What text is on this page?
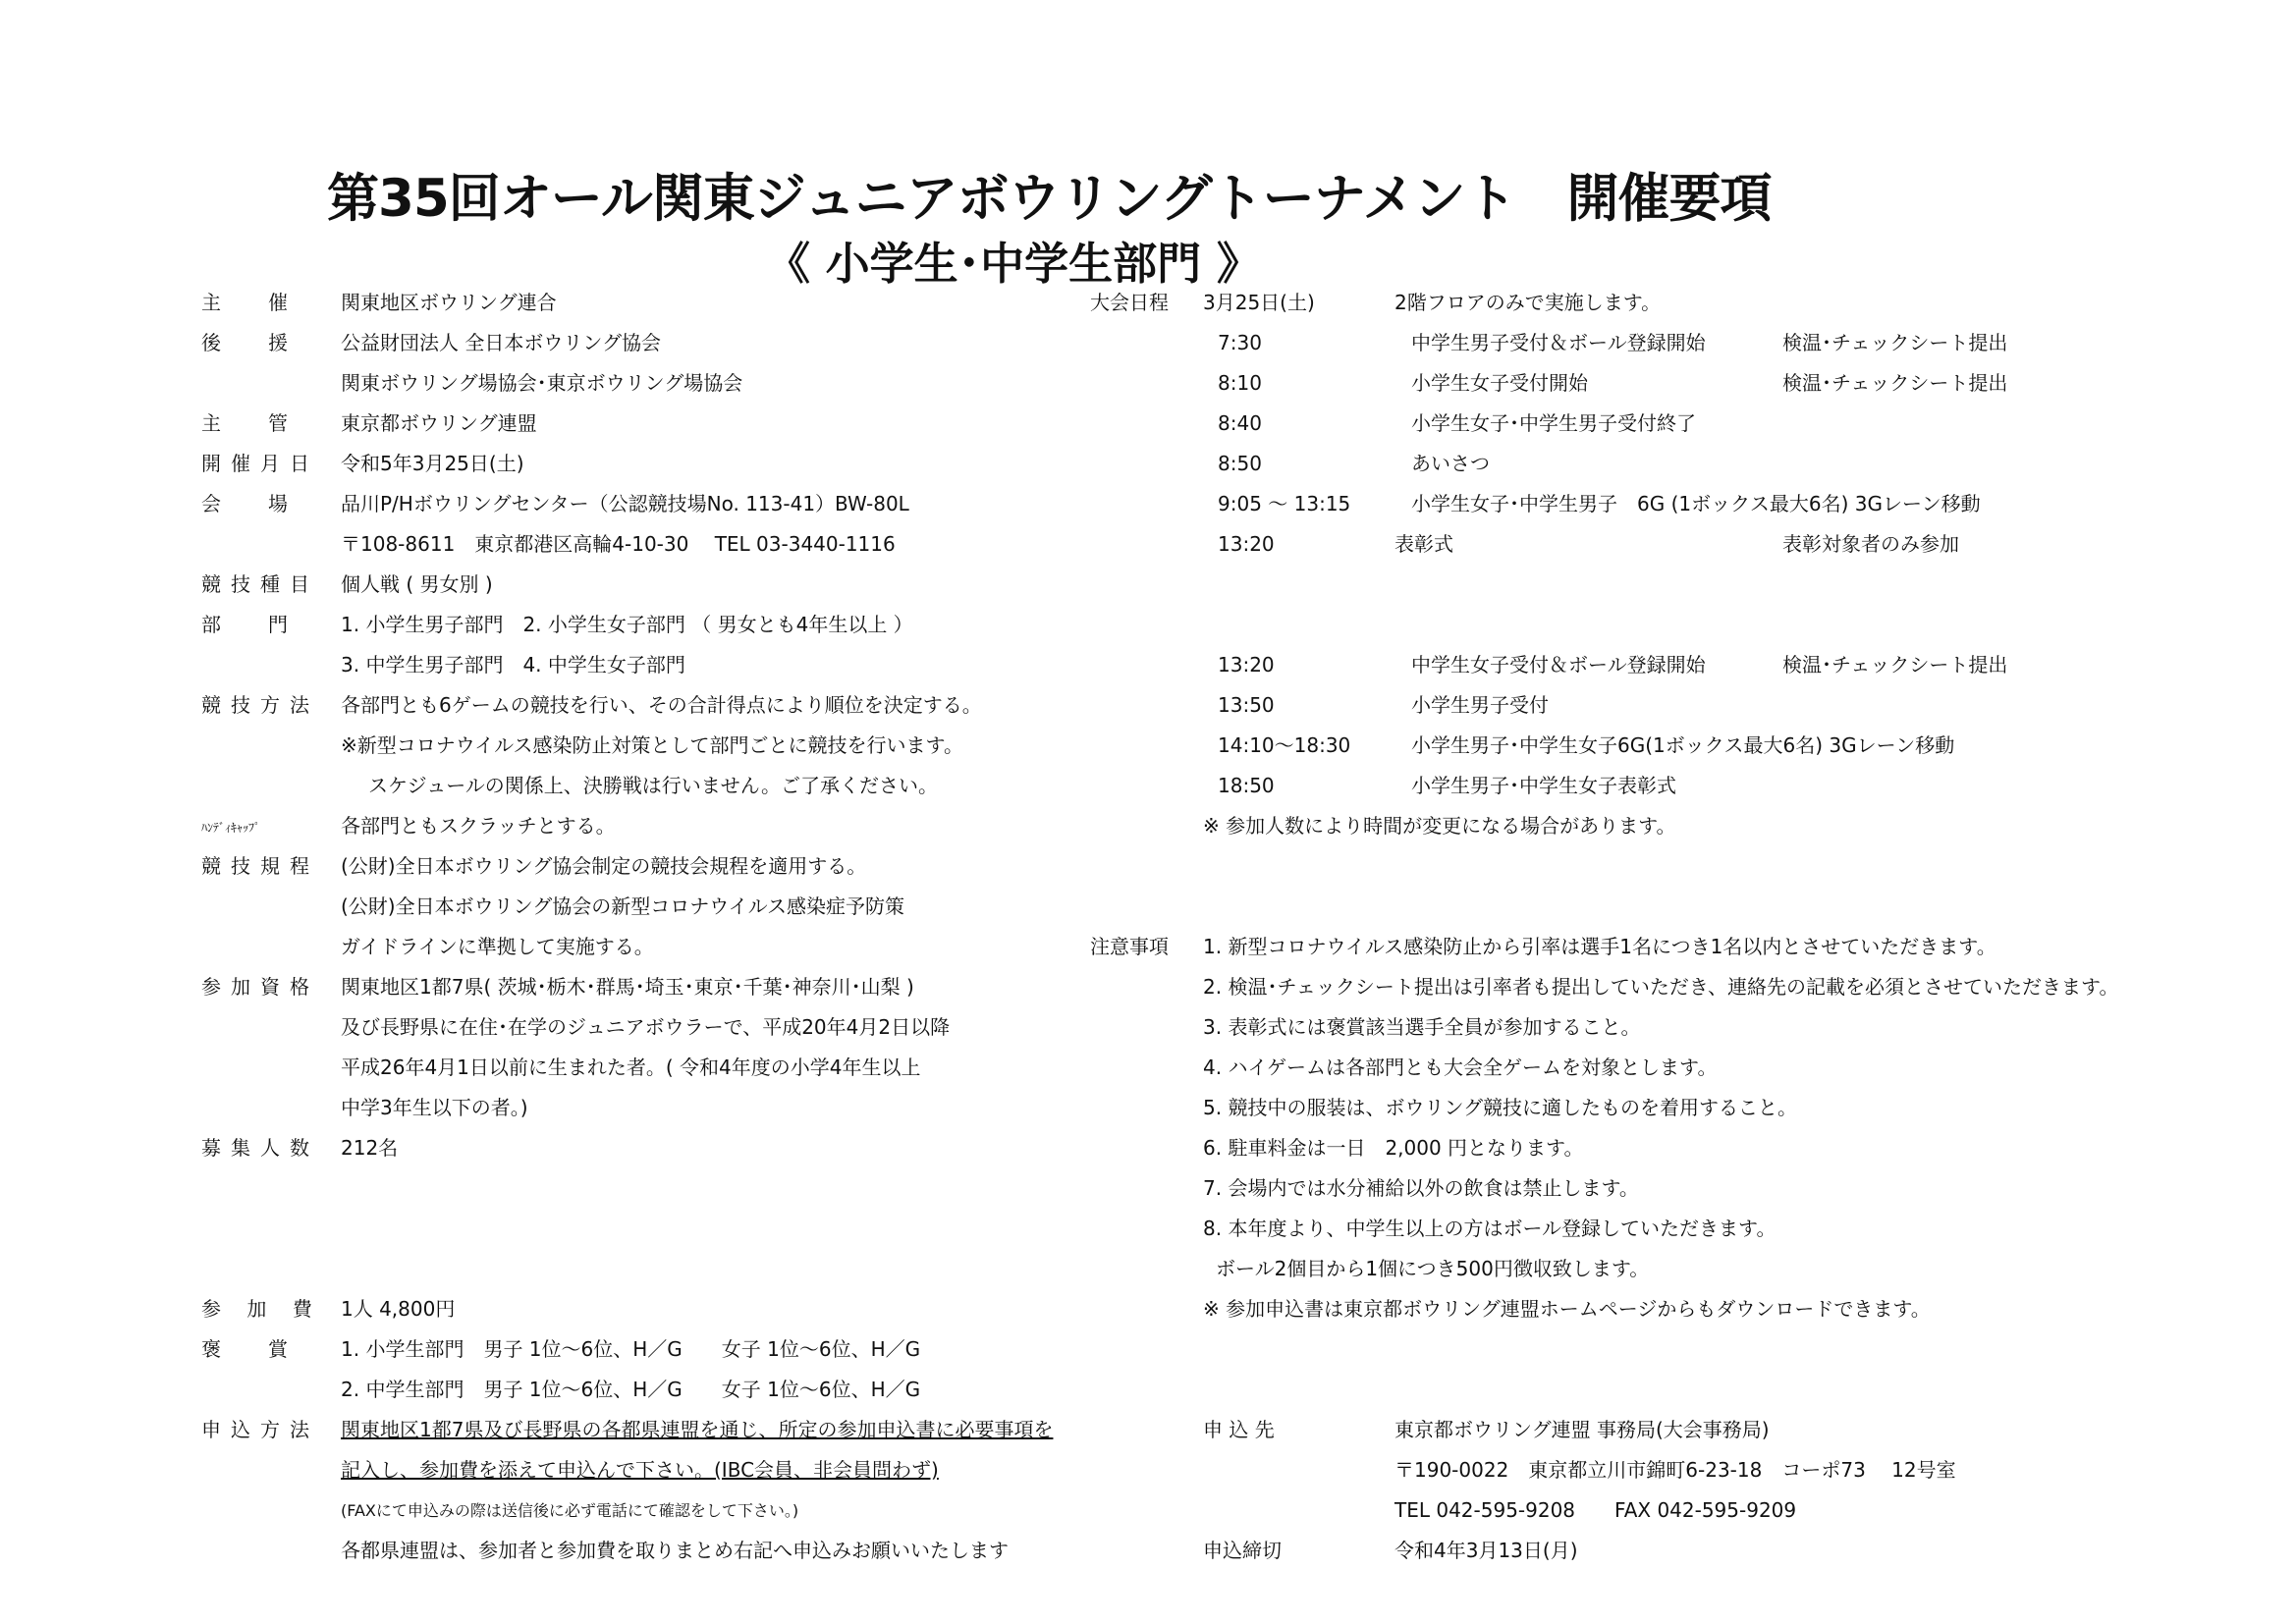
第35回オール関東ジュニアボウリングトーナメント　開催要項
《 小学生･中学生部門 》
主　催 関東地区ボウリング連合
後　援 公益財団法人 全日本ボウリング協会
関東ボウリング場協会･東京ボウリング場協会
主　管 東京都ボウリング連盟
開催月日 令和5年3月25日(土)
会　場 品川P/Hボウリングセンター（公認競技場No. 113-41）BW-80L
〒108-8611　東京都港区高輪4-10-30　 TEL 03-3440-1116
競技種目 個人戦 ( 男女別 )
部　門 1. 小学生男子部門　2. 小学生女子部門 （ 男女とも4年生以上 ）
3. 中学生男子部門　4. 中学生女子部門
競技方法 各部門とも6ゲームの競技を行い、その合計得点により順位を決定する。
※新型コロナウイルス感染防止対策として部門ごとに競技を行います。
スケジュールの関係上、決勝戦は行いません。ご了承ください。
ﾊﾝﾃﾞｨｷｬｯﾌﾟ	各部門ともスクラッチとする。
競技規程 (公財)全日本ボウリング協会制定の競技会規程を適用する。
(公財)全日本ボウリング協会の新型コロナウイルス感染症予防策
ガイドラインに準拠して実施する。
参加資格 関東地区1都7県( 茨城･栃木･群馬･埼玉･東京･千葉･神奈川･山梨 )
及び長野県に在住･在学のジュニアボウラーで、平成20年4月2日以降
平成26年4月1日以前に生まれた者。( 令和4年度の小学4年生以上
中学3年生以下の者。)
募集人数 212名
参 加 費 1人 4,800円
褒　賞 1. 小学生部門　男子 1位～6位、H／G　　女子 1位～6位、H／G
2. 中学生部門　男子 1位～6位、H／G　　女子 1位～6位、H／G
申込方法 関東地区1都7県及び長野県の各都県連盟を通じ、所定の参加申込書に必要事項を
記入し、参加費を添えて申込んで下さい。(IBC会員、非会員問わず)
(FAXにて申込みの際は送信後に必ず電話にて確認をして下さい。)
各都県連盟は、参加者と参加費を取りまとめ右記へ申込みお願いいたします
大会日程 3月25日(土)	2階フロアのみで実施します。
7:30	中学生男子受付＆ボール登録開始	検温･チェックシート提出
8:10	小学生女子受付開始	検温･チェックシート提出
8:40	小学生女子･中学生男子受付終了
8:50	あいさつ
9:05 ～ 13:15	小学生女子･中学生男子　6G (1ボックス最大6名) 3Gレーン移動
13:20	表彰式	表彰対象者のみ参加
13:20	中学生女子受付＆ボール登録開始	検温･チェックシート提出
13:50	小学生男子受付
14:10～18:30	小学生男子･中学生女子6G(1ボックス最大6名) 3Gレーン移動
18:50	小学生男子･中学生女子表彰式
※ 参加人数により時間が変更になる場合があります。
注意事項 1. 新型コロナウイルス感染防止から引率は選手1名につき1名以内とさせていただきます。
2. 検温･チェックシート提出は引率者も提出していただき、連絡先の記載を必須とさせていただきます。
3. 表彰式には褒賞該当選手全員が参加すること。
4. ハイゲームは各部門とも大会全ゲームを対象とします。
5. 競技中の服装は、ボウリング競技に適したものを着用すること。
6. 駐車料金は一日　2,000 円となります。
7. 会場内では水分補給以外の飲食は禁止します。
8. 本年度より、中学生以上の方はボール登録していただきます。
ボール2個目から1個につき500円徴収致します。
※ 参加申込書は東京都ボウリング連盟ホームページからもダウンロードできます。
申 込 先	東京都ボウリング連盟 事務局(大会事務局)
〒190-0022　東京都立川市錦町6-23-18　コーポ73　 12号室
TEL 042-595-9208　　FAX 042-595-9209
申込締切	令和4年3月13日(月)
